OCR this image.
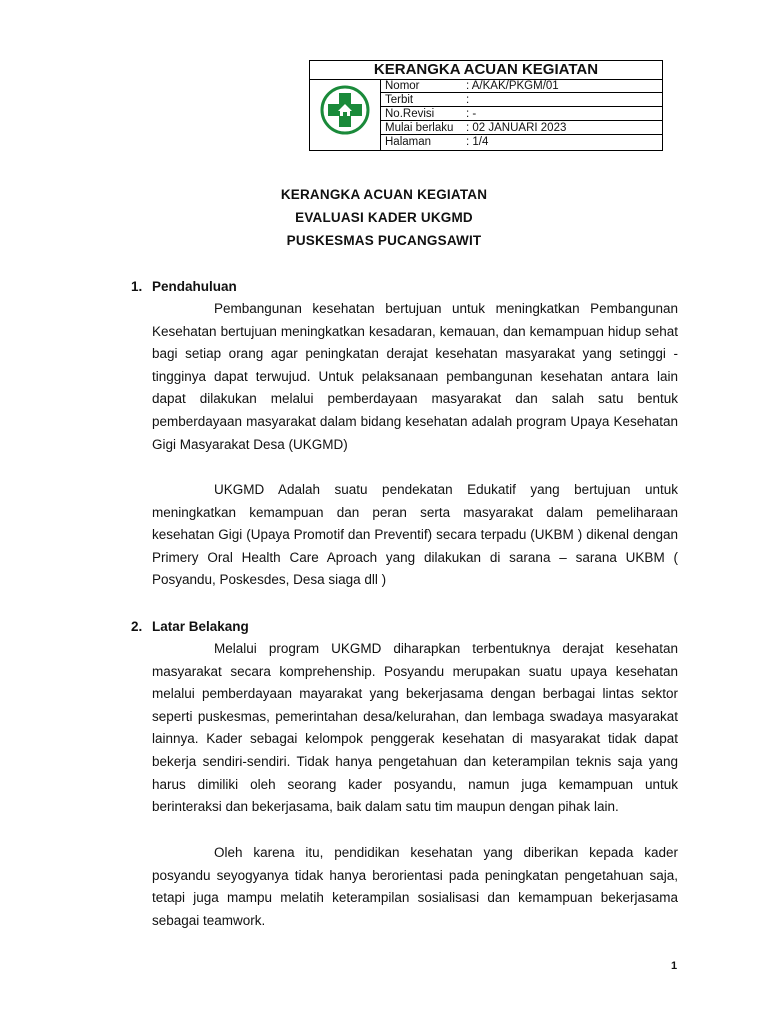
KERANGKA ACUAN KEGIATAN
Nomor	: A/KAK/PKGM/01
Terbit	:
No.Revisi	: -
Mulai berlaku : 02 JANUARI 2023
Halaman	: 1/4
KERANGKA ACUAN KEGIATAN
EVALUASI KADER UKGMD
PUSKESMAS PUCANGSAWIT
1. Pendahuluan

Pembangunan kesehatan bertujuan untuk meningkatkan Pembangunan Kesehatan bertujuan meningkatkan kesadaran, kemauan, dan kemampuan hidup sehat bagi setiap orang agar peningkatan derajat kesehatan masyarakat yang setinggi - tingginya dapat terwujud. Untuk pelaksanaan pembangunan kesehatan antara lain dapat dilakukan melalui pemberdayaan masyarakat dan salah satu bentuk pemberdayaan masyarakat dalam bidang kesehatan adalah program Upaya Kesehatan Gigi Masyarakat Desa (UKGMD)

UKGMD Adalah suatu pendekatan Edukatif yang bertujuan untuk meningkatkan kemampuan dan peran serta masyarakat dalam pemeliharaan kesehatan Gigi (Upaya Promotif dan Preventif) secara terpadu (UKBM ) dikenal dengan Primery Oral Health Care Aproach yang dilakukan di sarana – sarana UKBM ( Posyandu, Poskesdes, Desa siaga dll )

2. Latar Belakang

Melalui program UKGMD diharapkan terbentuknya derajat kesehatan masyarakat secara komprehenship. Posyandu merupakan suatu upaya kesehatan melalui pemberdayaan mayarakat yang bekerjasama dengan berbagai lintas sektor seperti puskesmas, pemerintahan desa/kelurahan, dan lembaga swadaya masyarakat lainnya. Kader sebagai kelompok penggerak kesehatan di masyarakat tidak dapat bekerja sendiri-sendiri. Tidak hanya pengetahuan dan keterampilan teknis saja yang harus dimiliki oleh seorang kader posyandu, namun juga kemampuan untuk berinteraksi dan bekerjasama, baik dalam satu tim maupun dengan pihak lain.

Oleh karena itu, pendidikan kesehatan yang diberikan kepada kader posyandu seyogyanya tidak hanya berorientasi pada peningkatan pengetahuan saja, tetapi juga mampu melatih keterampilan sosialisasi dan kemampuan bekerjasama sebagai teamwork.

1
